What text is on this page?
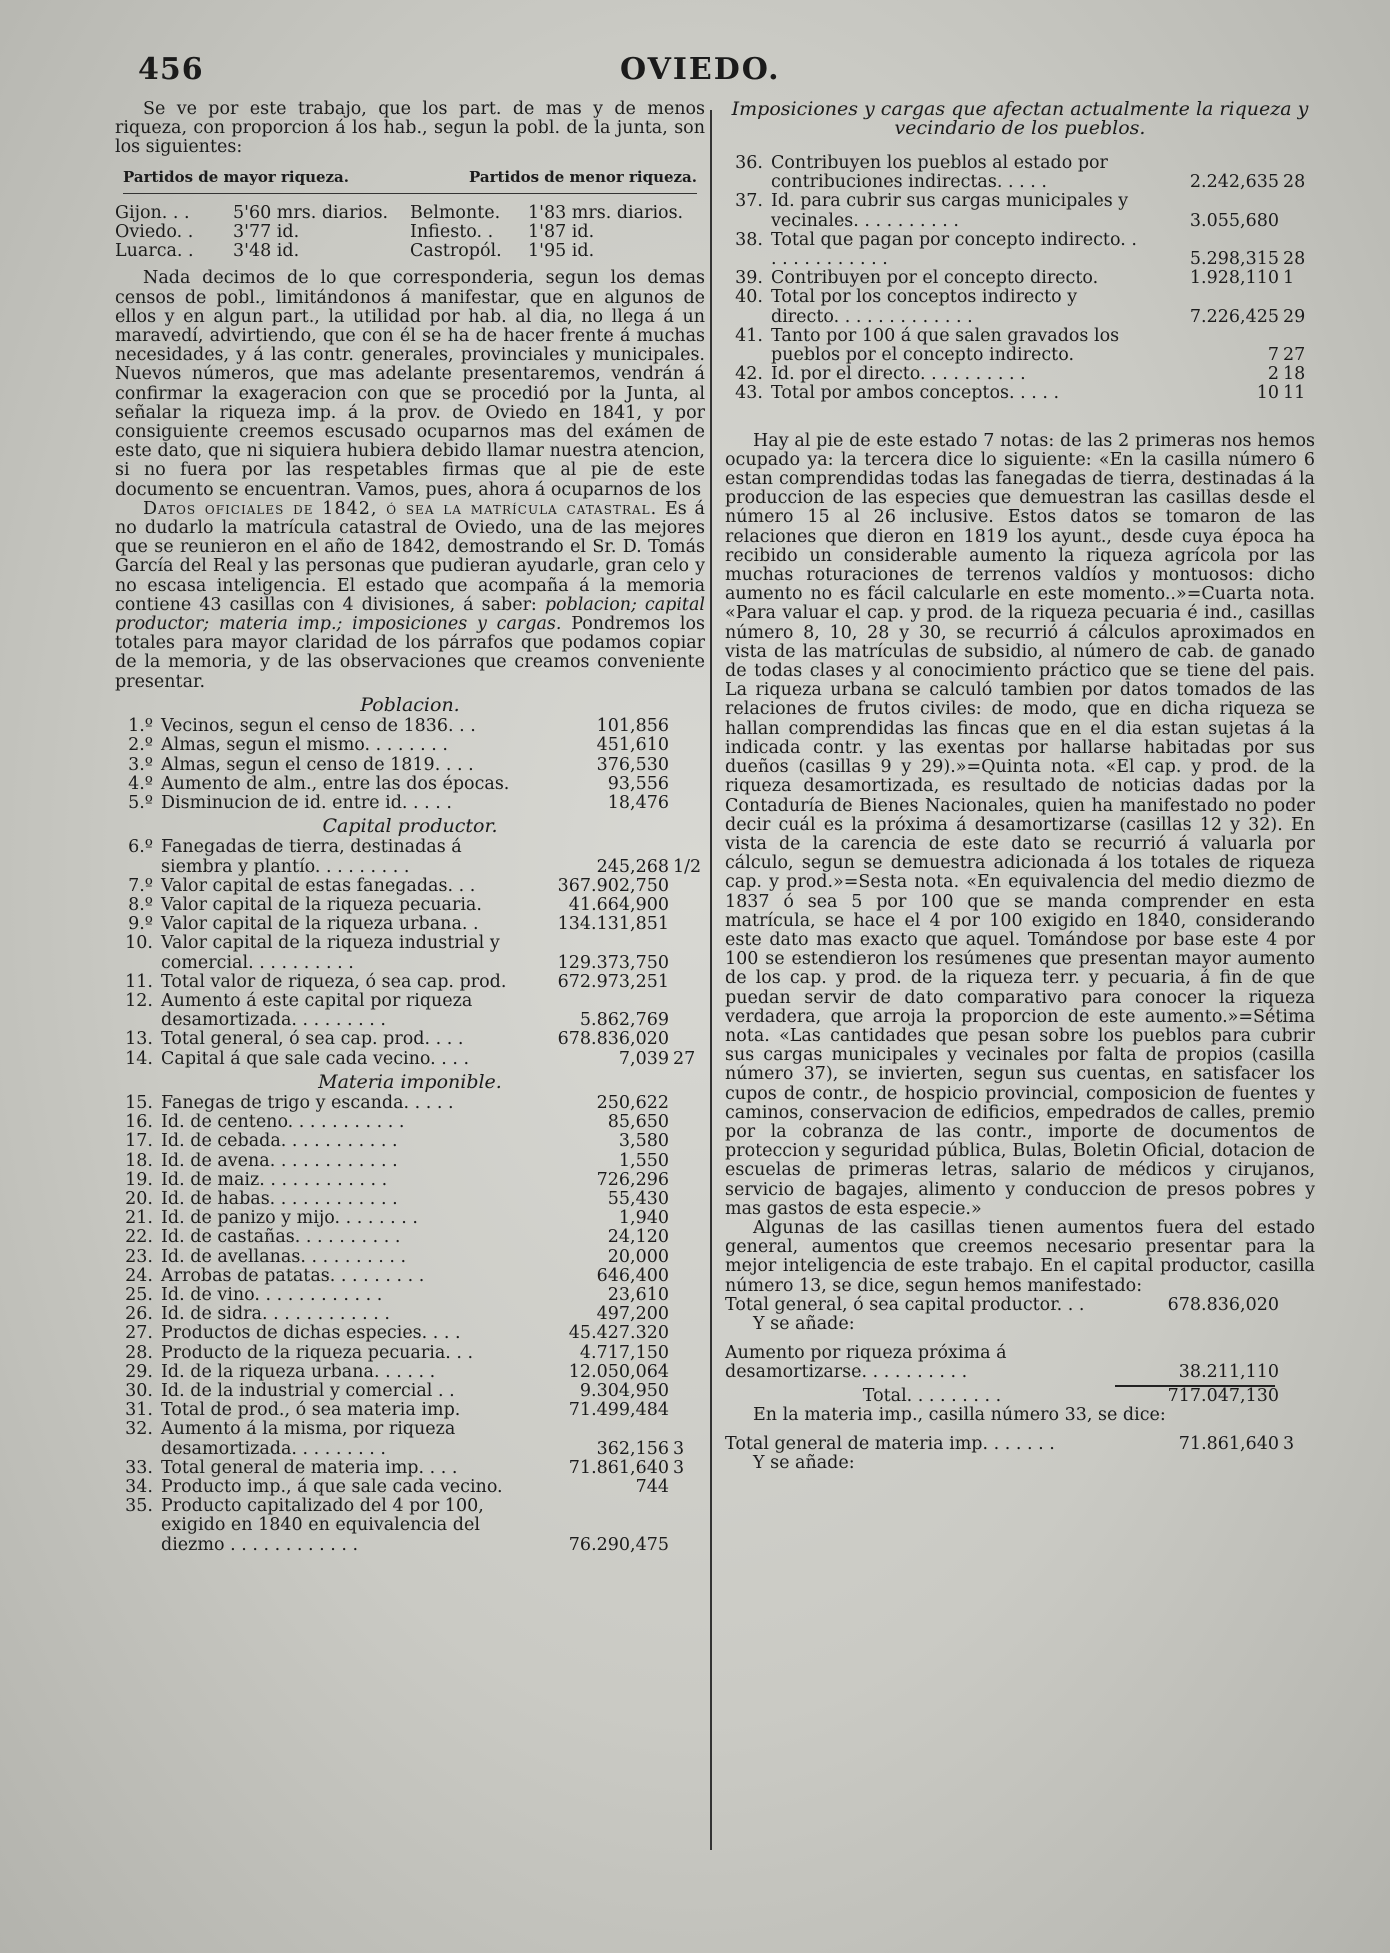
456	OVIEDO.

Se ve por este trabajo, que los part. de mas y de menos riqueza, con proporcion á los hab., segun la pobl. de la junta, son los siguientes:

Partidos de mayor riqueza.	Partidos de menor riqueza.
Gijon. . .	5'60 mrs. diarios.	Belmonte.	1'83 mrs. diarios.
Oviedo. .	3'77 id.	Infiesto. .	1'87 id.
Luarca. .	3'48 id.	Castropól.	1'95 id.

Nada decimos de lo que corresponderia, segun los demas censos de pobl., limitándonos á manifestar, que en algunos de ellos y en algun part., la utilidad por hab. al dia, no llega á un maravedí, advirtiendo, que con él se ha de hacer frente á muchas necesidades, y á las contr. generales, provinciales y municipales. Nuevos números, que mas adelante presentaremos, vendrán á confirmar la exageracion con que se procedió por la Junta, al señalar la riqueza imp. á la prov. de Oviedo en 1841, y por consiguiente creemos escusado ocuparnos mas del exámen de este dato, que ni siquiera hubiera debido llamar nuestra atencion, si no fuera por las respetables firmas que al pie de este documento se encuentran. Vamos, pues, ahora á ocuparnos de los

Datos oficiales de 1842, ó sea la matrícula catastral. Es á no dudarlo la matrícula catastral de Oviedo, una de las mejores que se reunieron en el año de 1842, demostrando el Sr. D. Tomás García del Real y las personas que pudieran ayudarle, gran celo y no escasa inteligencia. El estado que acompaña á la memoria contiene 43 casillas con 4 divisiones, á saber: poblacion; capital productor; materia imp.; imposiciones y cargas. Pondremos los totales para mayor claridad de los párrafos que podamos copiar de la memoria, y de las observaciones que creamos conveniente presentar.

Poblacion.
1.º Vecinos, segun el censo de 1836. . .	101,856
2.º Almas, segun el mismo. . . . . . . .	451,610
3.º Almas, segun el censo de 1819. . . .	376,530
4.º Aumento de alm., entre las dos épocas.	93,556
5.º Disminucion de id. entre id. . . . .	18,476
Capital productor.
6.º Fanegadas de tierra, destinadas á siembra y plantío. . . . . . . . .	245,268 1/2
7.º Valor capital de estas fanegadas. . .	367.902,750
8.º Valor capital de la riqueza pecuaria.	41.664,900
9.º Valor capital de la riqueza urbana. .	134.131,851
10. Valor capital de la riqueza industrial y comercial. . . . . . . . . .	129.373,750
11. Total valor de riqueza, ó sea cap. prod.	672.973,251
12. Aumento á este capital por riqueza desamortizada. . . . . . . . .	5.862,769
13. Total general, ó sea cap. prod. . . .	678.836,020
14. Capital á que sale cada vecino. . . .	7,039 27
Materia imponible.
15. Fanegas de trigo y escanda. . . . .	250,622
16. Id. de centeno. . . . . . . . . . .	85,650
17. Id. de cebada. . . . . . . . . . .	3,580
18. Id. de avena. . . . . . . . . . . .	1,550
19. Id. de maiz. . . . . . . . . . . .	726,296
20. Id. de habas. . . . . . . . . . . .	55,430
21. Id. de panizo y mijo. . . . . . . .	1,940
22. Id. de castañas. . . . . . . . . .	24,120
23. Id. de avellanas. . . . . . . . . .	20,000
24. Arrobas de patatas. . . . . . . . .	646,400
25. Id. de vino. . . . . . . . . . . .	23,610
26. Id. de sidra. . . . . . . . . . . .	497,200
27. Productos de dichas especies. . . .	45.427.320
28. Producto de la riqueza pecuaria. . .	4.717,150
29. Id. de la riqueza urbana. . . . . .	12.050,064
30. Id. de la industrial y comercial . .	9.304,950
31. Total de prod., ó sea materia imp.	71.499,484
32. Aumento á la misma, por riqueza desamortizada. . . . . . . . .	362,156 3
33. Total general de materia imp. . . .	71.861,640 3
34. Producto imp., á que sale cada vecino.	744
35. Producto capitalizado del 4 por 100, exigido en 1840 en equivalencia del diezmo . . . . . . . . . . . .	76.290,475
Imposiciones y cargas que afectan actualmente la riqueza y vecindario de los pueblos.
36. Contribuyen los pueblos al estado por contribuciones indirectas. . . . .	2.242,635 28
37. Id. para cubrir sus cargas municipales y vecinales. . . . . . . . . .	3.055,680
38. Total que pagan por concepto indirecto. . . . . . . . . . . . .	5.298,315 28
39. Contribuyen por el concepto directo.	1.928,110 1
40. Total por los conceptos indirecto y directo. . . . . . . . . . . . .	7.226,425 29
41. Tanto por 100 á que salen gravados los pueblos por el concepto indirecto.	7 27
42. Id. por el directo. . . . . . . . . .	2 18
43. Total por ambos conceptos. . . . .	10 11

Hay al pie de este estado 7 notas: de las 2 primeras nos hemos ocupado ya: la tercera dice lo siguiente: «En la casilla número 6 estan comprendidas todas las fanegadas de tierra, destinadas á la produccion de las especies que demuestran las casillas desde el número 15 al 26 inclusive. Estos datos se tomaron de las relaciones que dieron en 1819 los ayunt., desde cuya época ha recibido un considerable aumento la riqueza agrícola por las muchas roturaciones de terrenos valdíos y montuosos: dicho aumento no es fácil calcularle en este momento..»=Cuarta nota. «Para valuar el cap. y prod. de la riqueza pecuaria é ind., casillas número 8, 10, 28 y 30, se recurrió á cálculos aproximados en vista de las matrículas de subsidio, al número de cab. de ganado de todas clases y al conocimiento práctico que se tiene del pais. La riqueza urbana se calculó tambien por datos tomados de las relaciones de frutos civiles: de modo, que en dicha riqueza se hallan comprendidas las fincas que en el dia estan sujetas á la indicada contr. y las exentas por hallarse habitadas por sus dueños (casillas 9 y 29).»=Quinta nota. «El cap. y prod. de la riqueza desamortizada, es resultado de noticias dadas por la Contaduría de Bienes Nacionales, quien ha manifestado no poder decir cuál es la próxima á desamortizarse (casillas 12 y 32). En vista de la carencia de este dato se recurrió á valuarla por cálculo, segun se demuestra adicionada á los totales de riqueza cap. y prod.»=Sesta nota. «En equivalencia del medio diezmo de 1837 ó sea 5 por 100 que se manda comprender en esta matrícula, se hace el 4 por 100 exigido en 1840, considerando este dato mas exacto que aquel. Tomándose por base este 4 por 100 se estendieron los resúmenes que presentan mayor aumento de los cap. y prod. de la riqueza terr. y pecuaria, á fin de que puedan servir de dato comparativo para conocer la riqueza verdadera, que arroja la proporcion de este aumento.»=Sétima nota. «Las cantidades que pesan sobre los pueblos para cubrir sus cargas municipales y vecinales por falta de propios (casilla número 37), se invierten, segun sus cuentas, en satisfacer los cupos de contr., de hospicio provincial, composicion de fuentes y caminos, conservacion de edificios, empedrados de calles, premio por la cobranza de las contr., importe de documentos de proteccion y seguridad pública, Bulas, Boletin Oficial, dotacion de escuelas de primeras letras, salario de médicos y cirujanos, servicio de bagajes, alimento y conduccion de presos pobres y mas gastos de esta especie.»

Algunas de las casillas tienen aumentos fuera del estado general, aumentos que creemos necesario presentar para la mejor inteligencia de este trabajo. En el capital productor, casilla número 13, se dice, segun hemos manifestado:

Total general, ó sea capital productor. . .	678.836,020

Y se añade:

Aumento por riqueza próxima á desamortizarse. . . . . . . . . .	38.211,110
Total. . . . . . . . .	717.047,130

En la materia imp., casilla número 33, se dice:

Total general de materia imp. . . . . . .	71.861,640 3

Y se añade:
